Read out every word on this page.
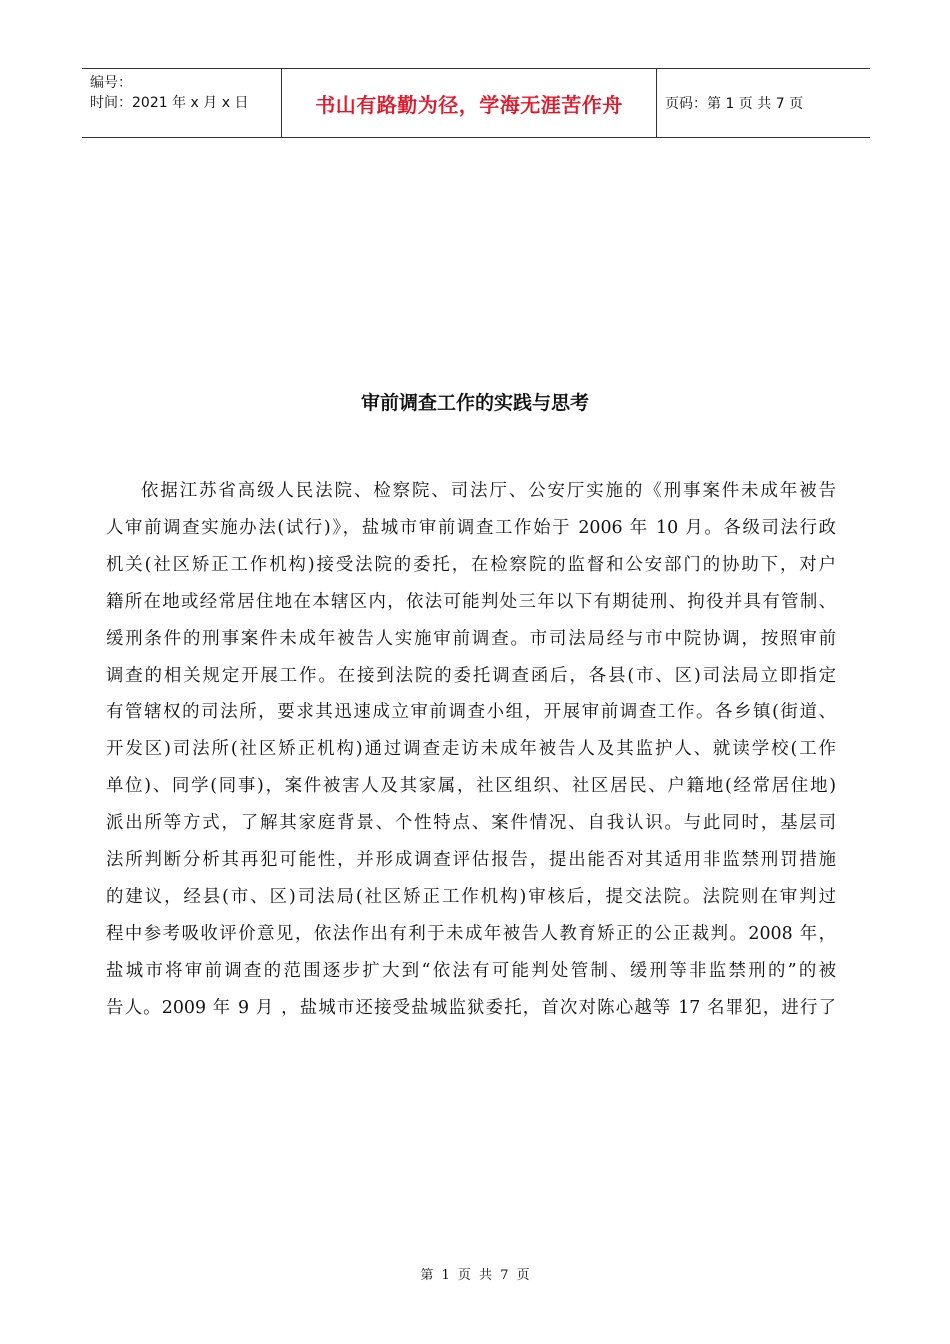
编号：
时间：2021 年 x 月 x 日	书山有路勤为径，学海无涯苦作舟	页码：第 1 页 共 7 页
审前调查工作的实践与思考
依据江苏省高级人民法院、检察院、司法厅、公安厅实施的《刑事案件未成年被告
人审前调查实施办法(试行)》，盐城市审前调查工作始于 2006 年 10 月。各级司法行政
机关(社区矫正工作机构)接受法院的委托，在检察院的监督和公安部门的协助下，对户
籍所在地或经常居住地在本辖区内，依法可能判处三年以下有期徒刑、拘役并具有管制、
缓刑条件的刑事案件未成年被告人实施审前调查。市司法局经与市中院协调，按照审前
调查的相关规定开展工作。在接到法院的委托调查函后，各县(市、区)司法局立即指定
有管辖权的司法所，要求其迅速成立审前调查小组，开展审前调查工作。各乡镇(街道、
开发区)司法所(社区矫正机构)通过调查走访未成年被告人及其监护人、就读学校(工作
单位)、同学(同事)，案件被害人及其家属，社区组织、社区居民、户籍地(经常居住地)
派出所等方式，了解其家庭背景、个性特点、案件情况、自我认识。与此同时，基层司
法所判断分析其再犯可能性，并形成调查评估报告，提出能否对其适用非监禁刑罚措施
的建议，经县(市、区)司法局(社区矫正工作机构)审核后，提交法院。法院则在审判过
程中参考吸收评价意见，依法作出有利于未成年被告人教育矫正的公正裁判。2008 年，
盐城市将审前调查的范围逐步扩大到“依法有可能判处管制、缓刑等非监禁刑的”的被
告人。2009 年 9 月 ，盐城市还接受盐城监狱委托，首次对陈心越等 17 名罪犯，进行了
第 1 页 共 7 页
